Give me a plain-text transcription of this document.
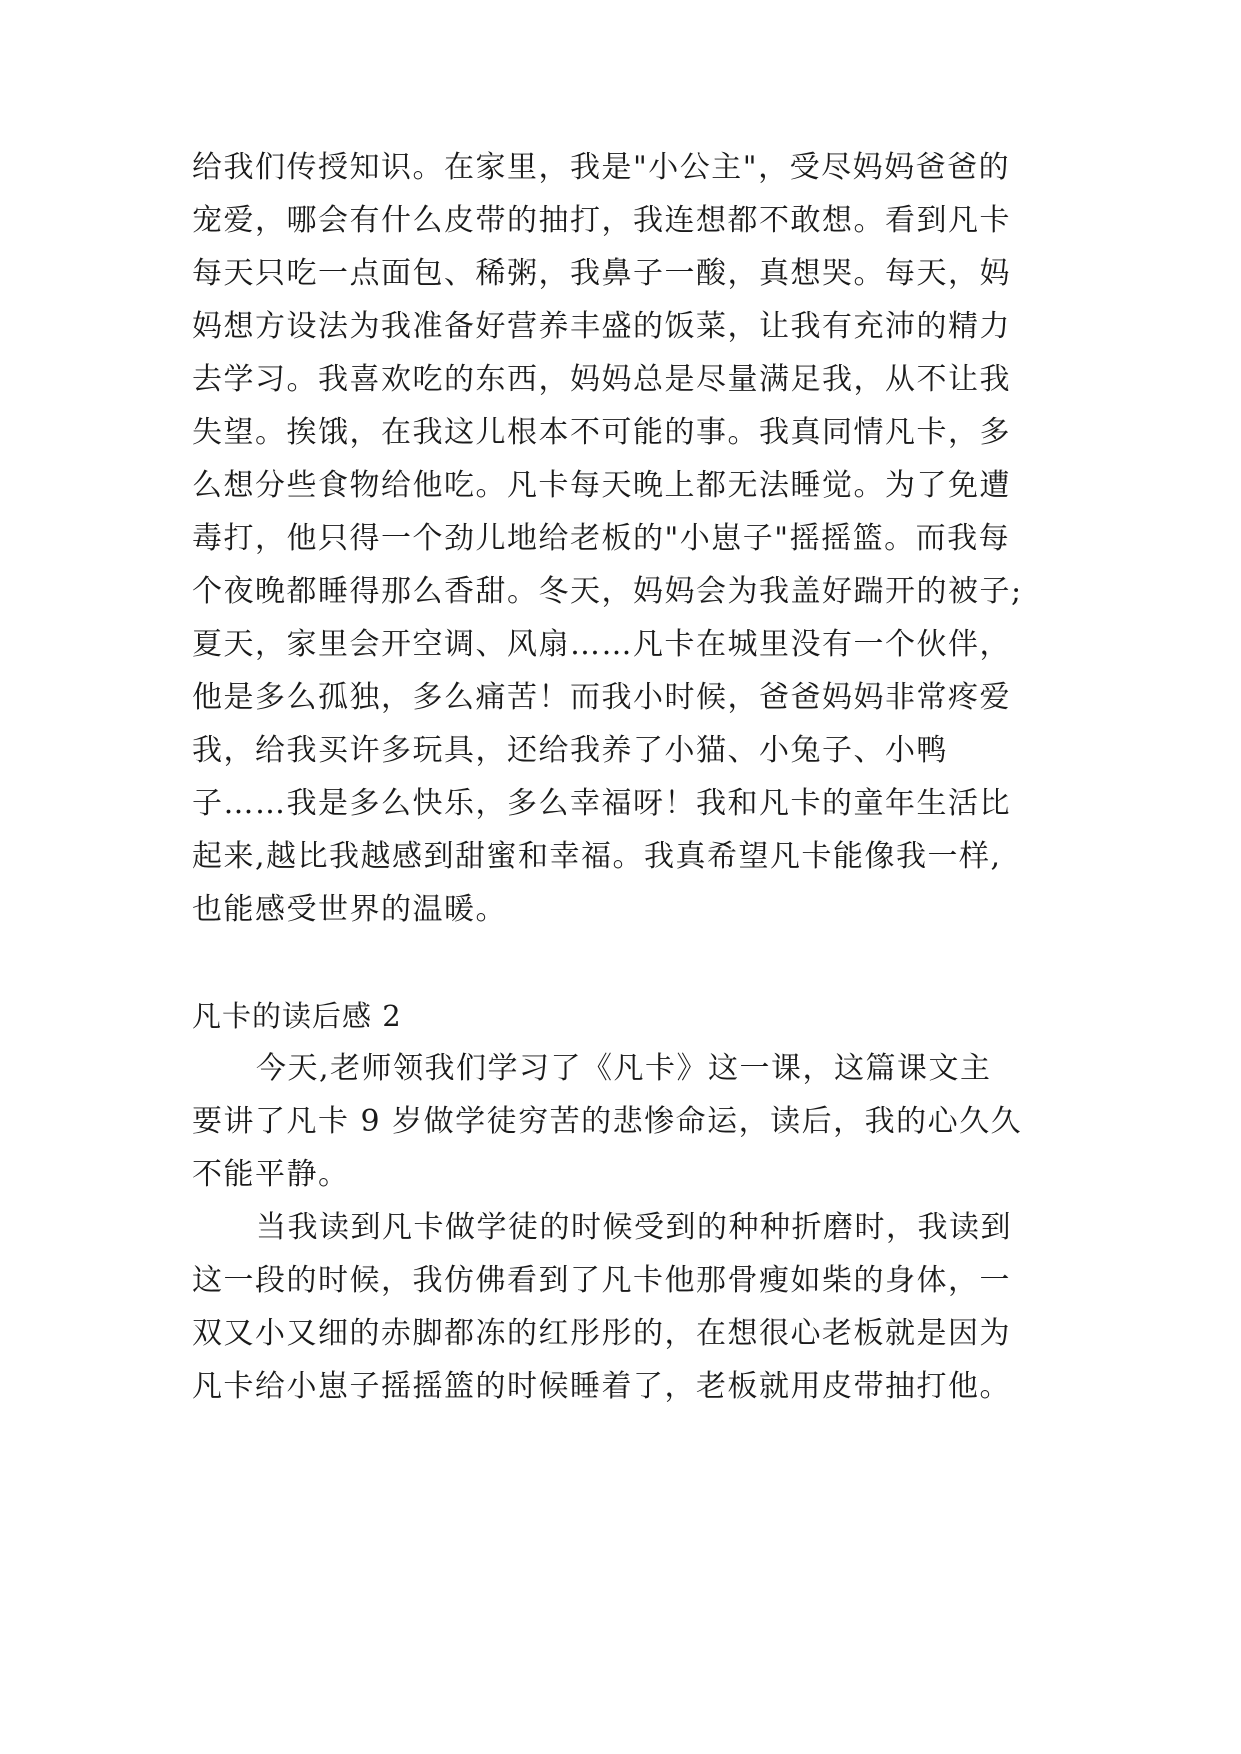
给我们传授知识。在家里，我是"小公主"，受尽妈妈爸爸的
宠爱，哪会有什么皮带的抽打，我连想都不敢想。看到凡卡
每天只吃一点面包、稀粥，我鼻子一酸，真想哭。每天，妈
妈想方设法为我准备好营养丰盛的饭菜，让我有充沛的精力
去学习。我喜欢吃的东西，妈妈总是尽量满足我，从不让我
失望。挨饿，在我这儿根本不可能的事。我真同情凡卡，多
么想分些食物给他吃。凡卡每天晚上都无法睡觉。为了免遭
毒打，他只得一个劲儿地给老板的"小崽子"摇摇篮。而我每
个夜晚都睡得那么香甜。冬天，妈妈会为我盖好踹开的被子;
夏天，家里会开空调、风扇……凡卡在城里没有一个伙伴，
他是多么孤独，多么痛苦！而我小时候，爸爸妈妈非常疼爱
我，给我买许多玩具，还给我养了小猫、小兔子、小鸭
子……我是多么快乐，多么幸福呀！我和凡卡的童年生活比
起来,越比我越感到甜蜜和幸福。我真希望凡卡能像我一样,
也能感受世界的温暖。
凡卡的读后感 2
今天,老师领我们学习了《凡卡》这一课，这篇课文主
要讲了凡卡 9 岁做学徒穷苦的悲惨命运，读后，我的心久久
不能平静。
当我读到凡卡做学徒的时候受到的种种折磨时，我读到
这一段的时候，我仿佛看到了凡卡他那骨瘦如柴的身体，一
双又小又细的赤脚都冻的红彤彤的，在想很心老板就是因为
凡卡给小崽子摇摇篮的时候睡着了，老板就用皮带抽打他。
